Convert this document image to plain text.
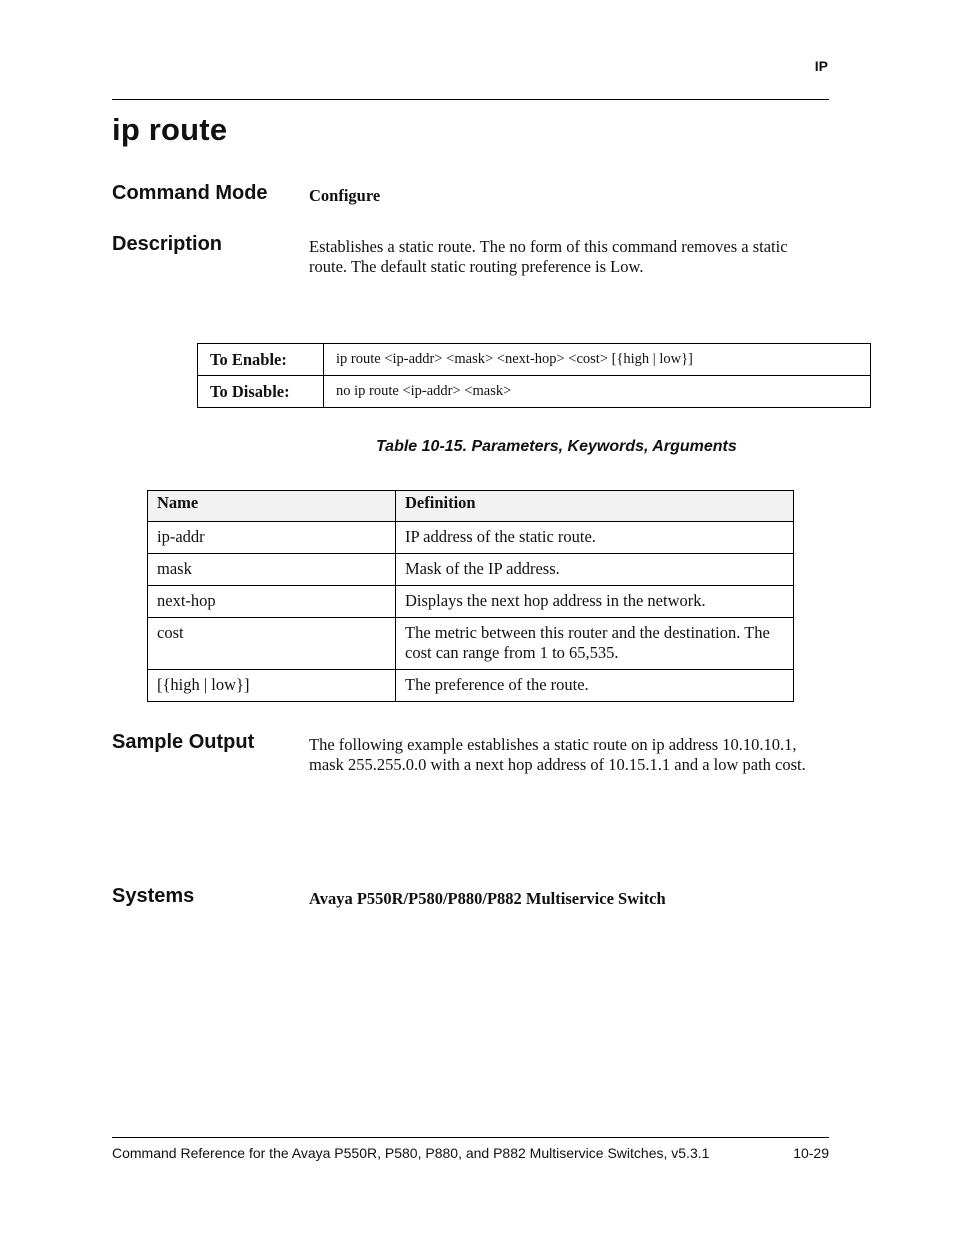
IP
ip route
Command Mode	Configure
Description	Establishes a static route. The no form of this command removes a static route. The default static routing preference is Low.
To Enable:	ip route <ip-addr> <mask> <next-hop> <cost> [{high | low}]
To Disable:	no ip route <ip-addr> <mask>
Table 10-15. Parameters, Keywords, Arguments
Name	Definition
ip-addr	IP address of the static route.
mask	Mask of the IP address.
next-hop	Displays the next hop address in the network.
cost	The metric between this router and the destination. The cost can range from 1 to 65,535.
[{high | low}]	The preference of the route.
Sample Output	The following example establishes a static route on ip address 10.10.10.1, mask 255.255.0.0 with a next hop address of 10.15.1.1 and a low path cost.
Systems	Avaya P550R/P580/P880/P882 Multiservice Switch
Command Reference for the Avaya P550R, P580, P880, and P882 Multiservice Switches, v5.3.1	10-29
